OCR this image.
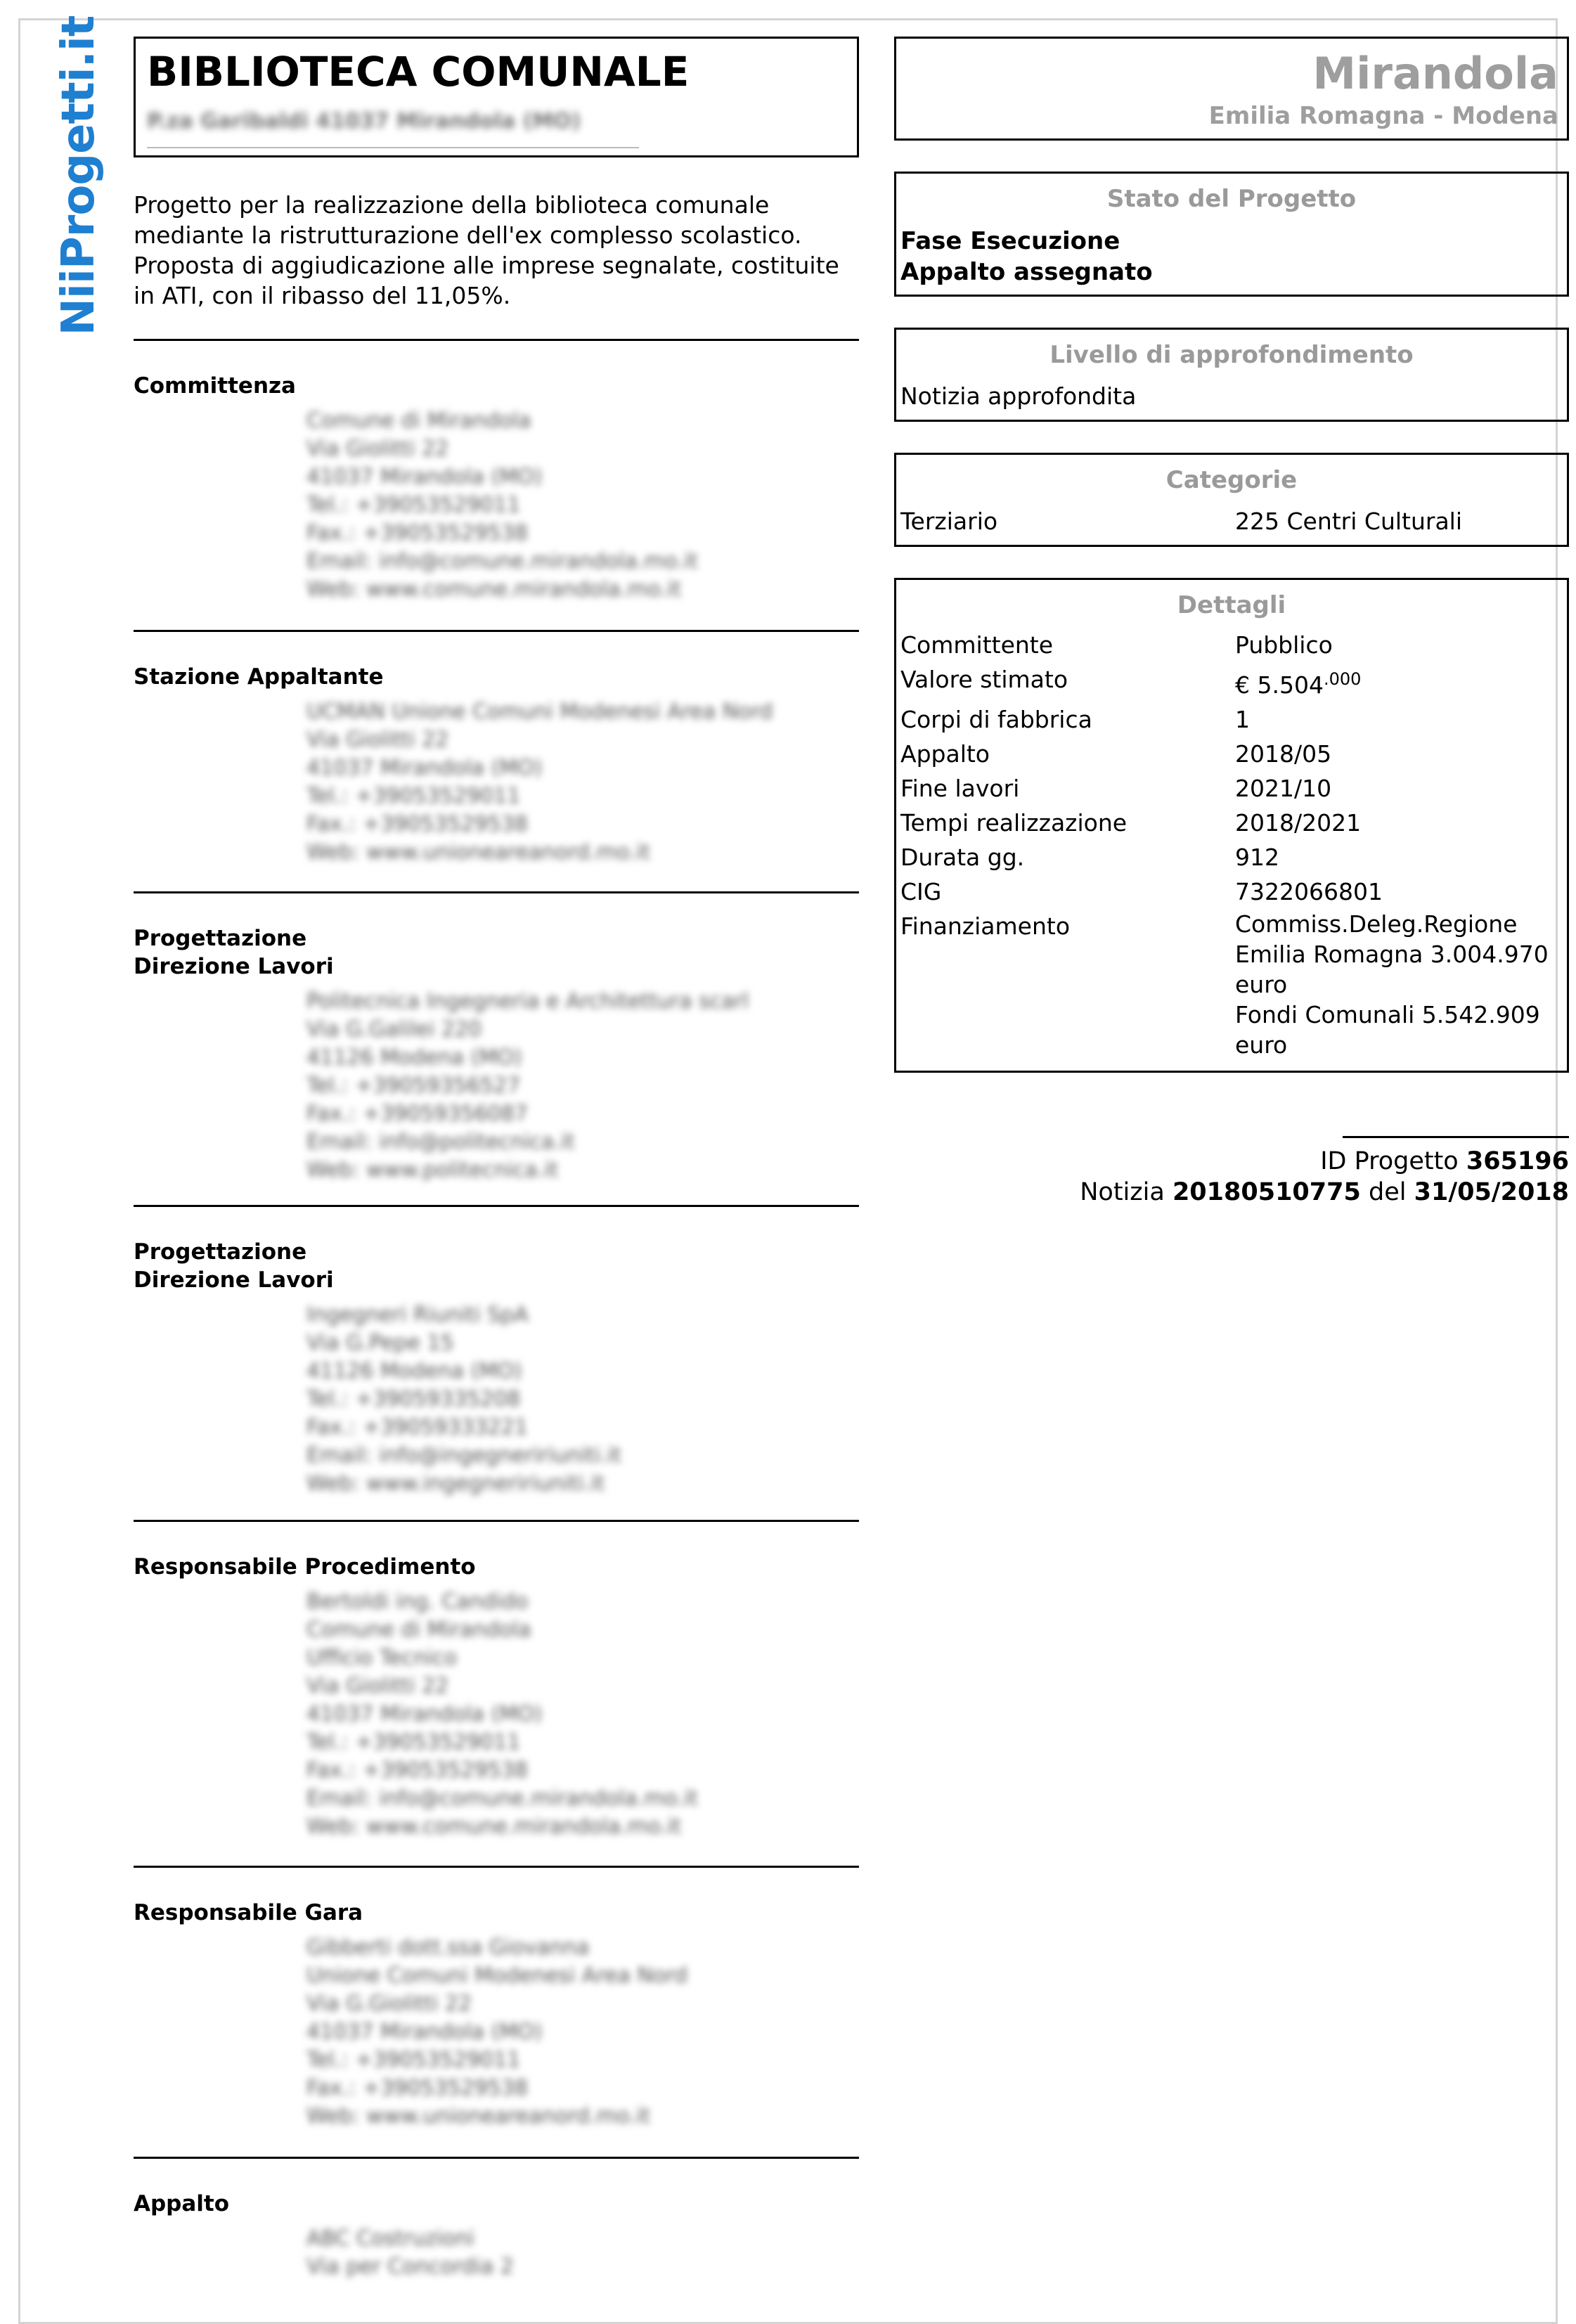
NiiProgetti.it BIBLIOTECA COMUNALE
P.za Garibaldi 41037 Mirandola (MO)
Progetto per la realizzazione della biblioteca comunale mediante la ristrutturazione dell'ex complesso scolastico. Proposta di aggiudicazione alle imprese segnalate, costituite in ATI, con il ribasso del 11,05%.
Committenza
Comune di Mirandola
Via Giolitti 22
41037 Mirandola (MO)
Tel.: +39053529011
Fax.: +39053529538
Email: info@comune.mirandola.mo.it
Web: www.comune.mirandola.mo.it
Stazione Appaltante
UCMAN Unione Comuni Modenesi Area Nord
Via Giolitti 22
41037 Mirandola (MO)
Tel.: +39053529011
Fax.: +39053529538
Web: www.unioneareanord.mo.it
Progettazione
Direzione Lavori
Politecnica Ingegneria e Architettura scarl
Via G.Galilei 220
41126 Modena (MO)
Tel.: +39059356527
Fax.: +39059356087
Email: info@politecnica.it
Web: www.politecnica.it
Progettazione
Direzione Lavori
Ingegneri Riuniti SpA
Via G.Pepe 15
41126 Modena (MO)
Tel.: +39059335208
Fax.: +39059333221
Email: info@ingegneririuniti.it
Web: www.ingegneririuniti.it
Responsabile Procedimento
Bertoldi ing. Candido
Comune di Mirandola
Ufficio Tecnico
Via Giolitti 22
41037 Mirandola (MO)
Tel.: +39053529011
Fax.: +39053529538
Email: info@comune.mirandola.mo.it
Web: www.comune.mirandola.mo.it
Responsabile Gara
Gibberti dott.ssa Giovanna
Unione Comuni Modenesi Area Nord
Via G.Giolitti 22
41037 Mirandola (MO)
Tel.: +39053529011
Fax.: +39053529538
Web: www.unioneareanord.mo.it
Appalto
ABC Costruzioni
Via per Concordia 2
Mirandola
Emilia Romagna - Modena
Stato del Progetto
Fase Esecuzione
Appalto assegnato
Livello di approfondimento
Notizia approfondita
Categorie
Terziario	225 Centri Culturali
Dettagli
Committente	Pubblico
Valore stimato	€ $5.504^{.000}$
Corpi di fabbrica	1
Appalto	2018/05
Fine lavori	2021/10
Tempi realizzazione	2018/2021
Durata gg.	912
CIG	7322066801
Finanziamento	Commiss.Deleg.Regione
Emilia Romagna 3.004.970
euro
Fondi Comunali 5.542.909
euro
ID Progetto 365196
Notizia 20180510775 del 31/05/2018
